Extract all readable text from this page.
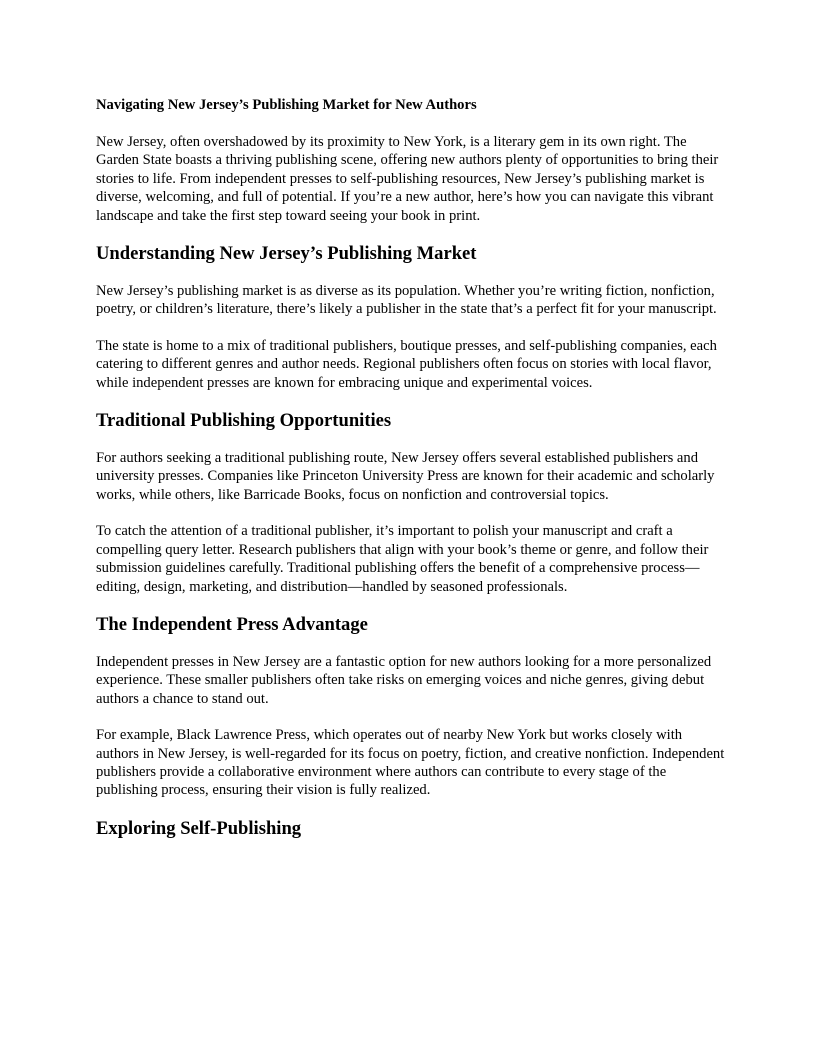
Navigating New Jersey’s Publishing Market for New Authors

New Jersey, often overshadowed by its proximity to New York, is a literary gem in its own right. The Garden State boasts a thriving publishing scene, offering new authors plenty of opportunities to bring their stories to life. From independent presses to self-publishing resources, New Jersey’s publishing market is diverse, welcoming, and full of potential. If you’re a new author, here’s how you can navigate this vibrant landscape and take the first step toward seeing your book in print.

Understanding New Jersey’s Publishing Market

New Jersey’s publishing market is as diverse as its population. Whether you’re writing fiction, nonfiction, poetry, or children’s literature, there’s likely a publisher in the state that’s a perfect fit for your manuscript.

The state is home to a mix of traditional publishers, boutique presses, and self-publishing companies, each catering to different genres and author needs. Regional publishers often focus on stories with local flavor, while independent presses are known for embracing unique and experimental voices.

Traditional Publishing Opportunities

For authors seeking a traditional publishing route, New Jersey offers several established publishers and university presses. Companies like Princeton University Press are known for their academic and scholarly works, while others, like Barricade Books, focus on nonfiction and controversial topics.

To catch the attention of a traditional publisher, it’s important to polish your manuscript and craft a compelling query letter. Research publishers that align with your book’s theme or genre, and follow their submission guidelines carefully. Traditional publishing offers the benefit of a comprehensive process—editing, design, marketing, and distribution—handled by seasoned professionals.

The Independent Press Advantage

Independent presses in New Jersey are a fantastic option for new authors looking for a more personalized experience. These smaller publishers often take risks on emerging voices and niche genres, giving debut authors a chance to stand out.

For example, Black Lawrence Press, which operates out of nearby New York but works closely with authors in New Jersey, is well-regarded for its focus on poetry, fiction, and creative nonfiction. Independent publishers provide a collaborative environment where authors can contribute to every stage of the publishing process, ensuring their vision is fully realized.

Exploring Self-Publishing
